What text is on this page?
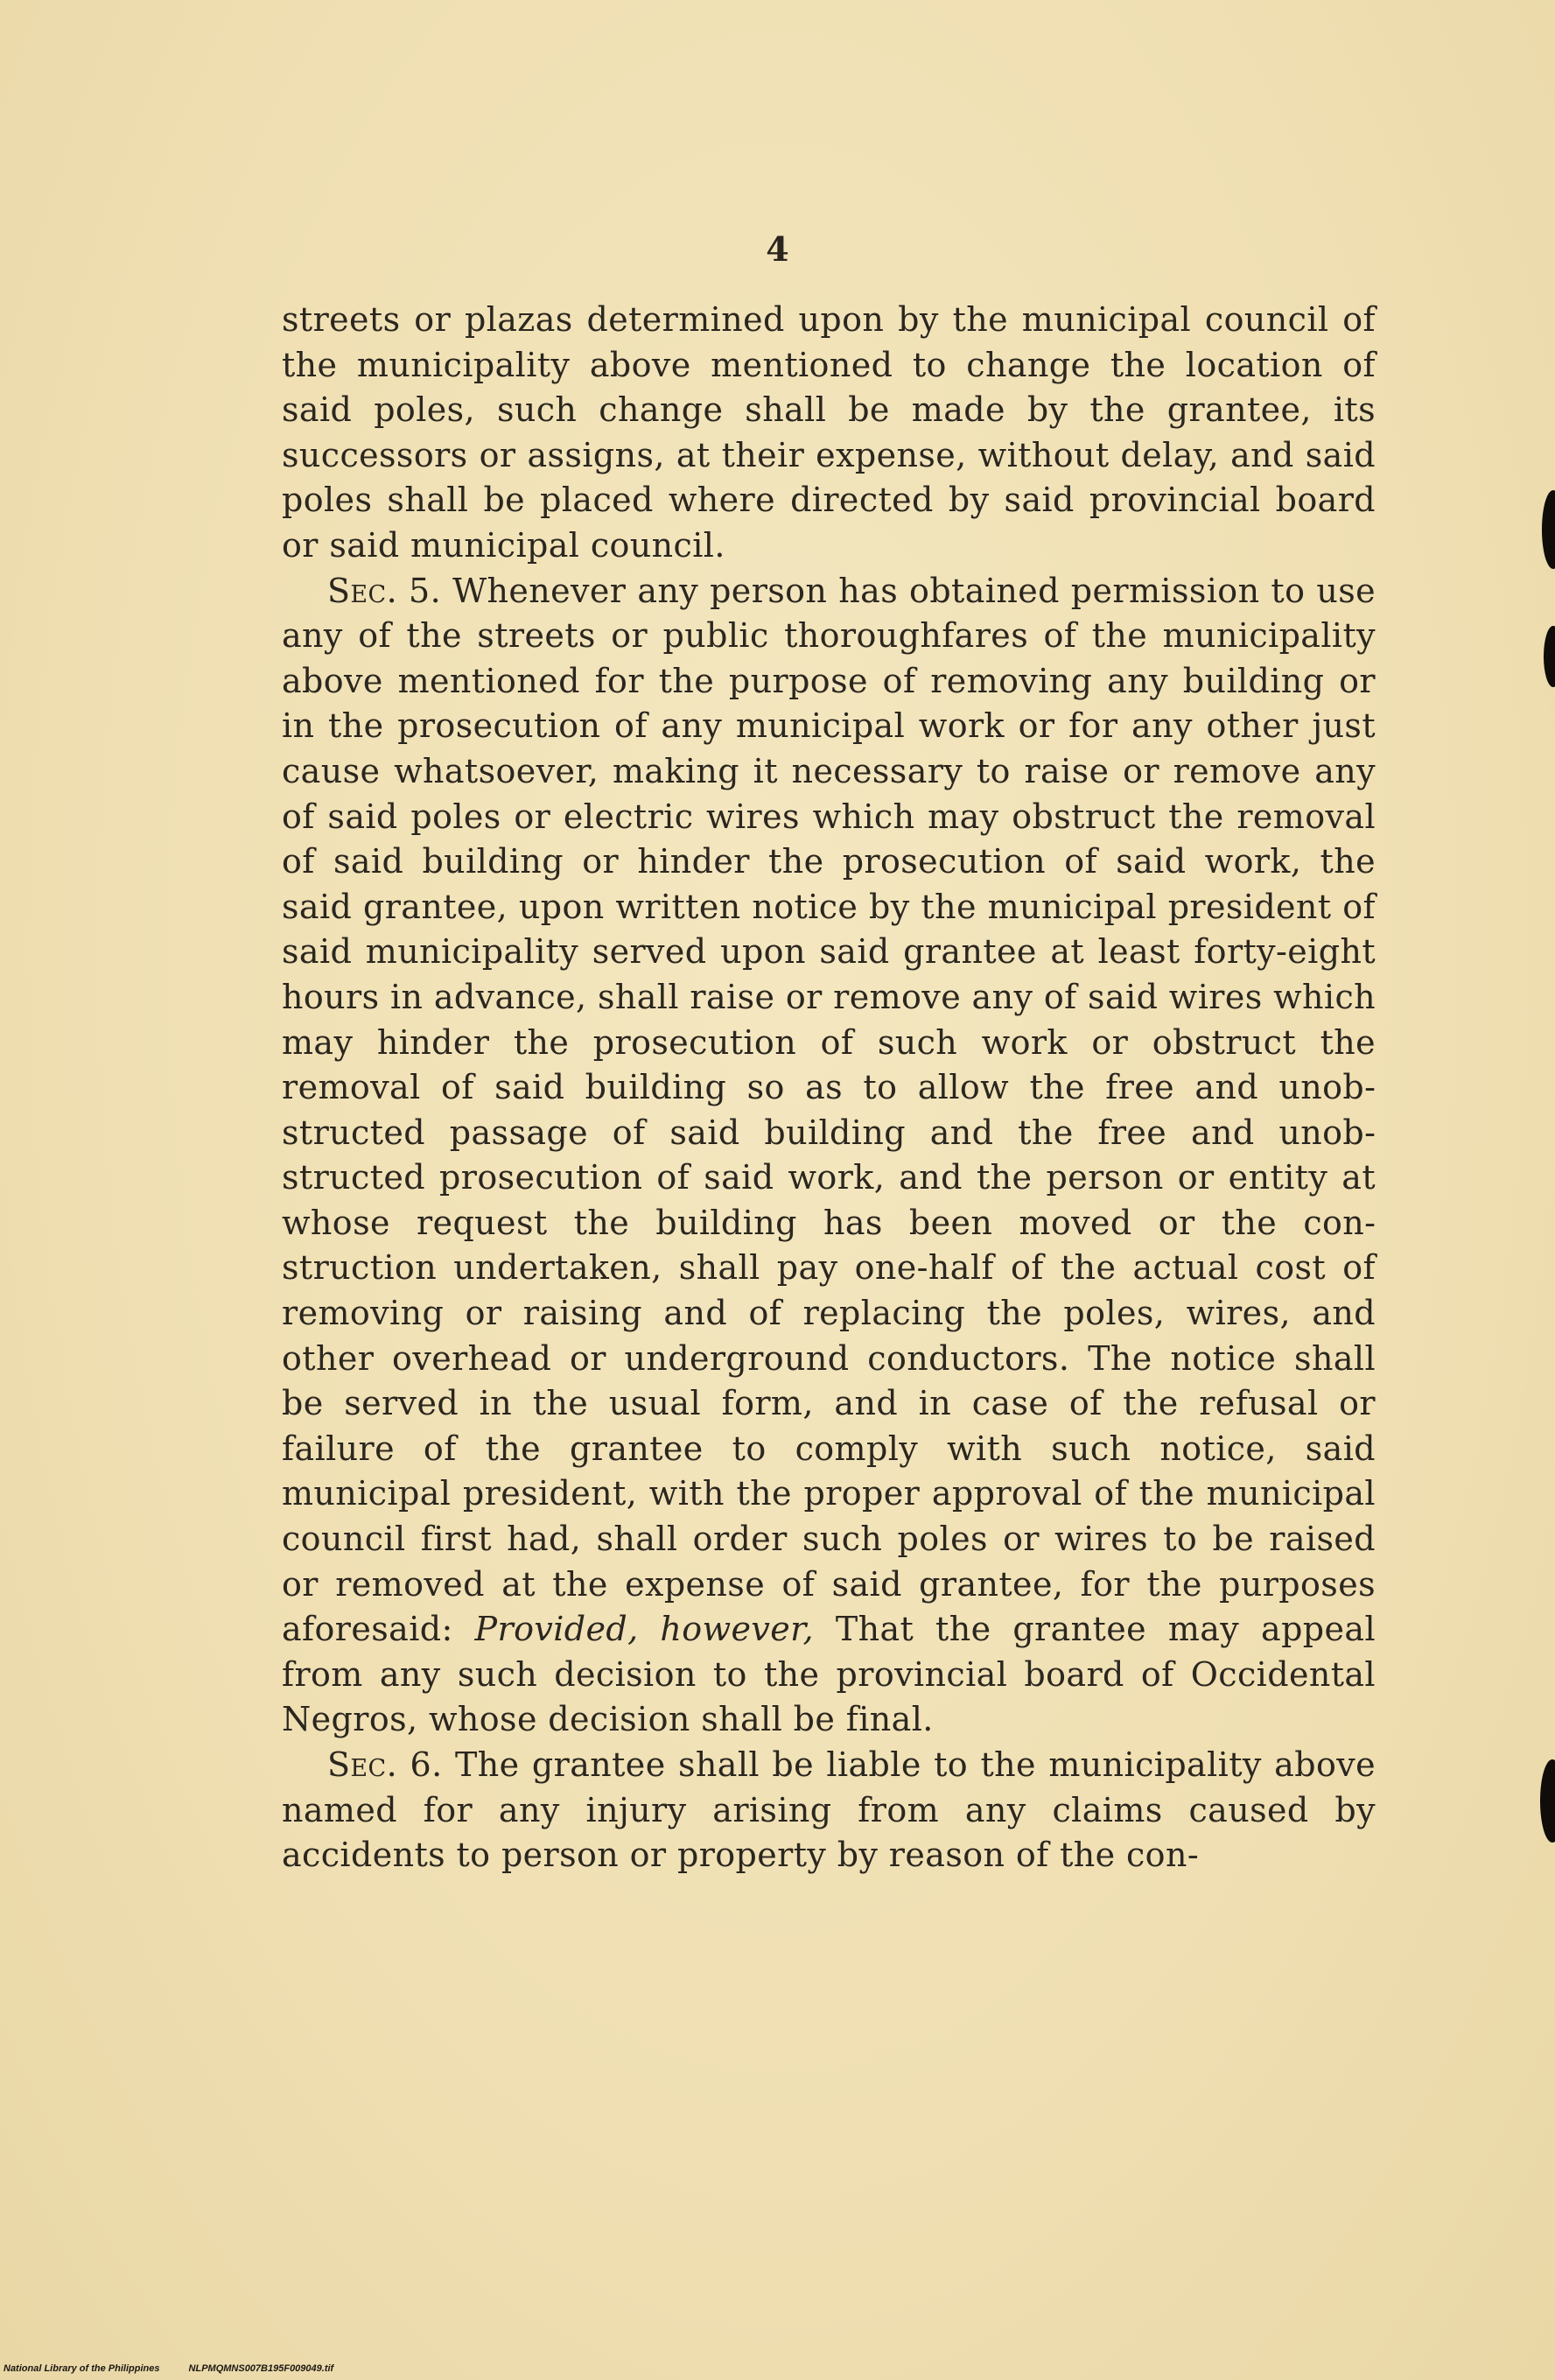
4

streets or plazas determined upon by the municipal council of the municipality above mentioned to change the location of said poles, such change shall be made by the grantee, its successors or assigns, at their expense, without delay, and said poles shall be placed where directed by said provincial board or said municipal council.

Sec. 5. Whenever any person has obtained permission to use any of the streets or public thoroughfares of the municipality above mentioned for the purpose of removing any building or in the prosecution of any municipal work or for any other just cause whatsoever, making it necessary to raise or remove any of said poles or electric wires which may obstruct the removal of said building or hinder the prosecution of said work, the said grantee, upon written notice by the municipal president of said municipality served upon said grantee at least forty-eight hours in advance, shall raise or remove any of said wires which may hinder the prosecution of such work or obstruct the removal of said building so as to allow the free and unobstructed passage of said building and the free and unobstructed prosecution of said work, and the person or entity at whose request the building has been moved or the construction undertaken, shall pay one-half of the actual cost of removing or raising and of replacing the poles, wires, and other overhead or underground conductors. The notice shall be served in the usual form, and in case of the refusal or failure of the grantee to comply with such notice, said municipal president, with the proper approval of the municipal council first had, shall order such poles or wires to be raised or removed at the expense of said grantee, for the purposes aforesaid: Provided, however, That the grantee may appeal from any such decision to the provincial board of Occidental Negros, whose decision shall be final.

Sec. 6. The grantee shall be liable to the municipality above named for any injury arising from any claims caused by accidents to person or property by reason of the con-

National Library of the Philippines	NLPMQMNS007B195F009049.tif
